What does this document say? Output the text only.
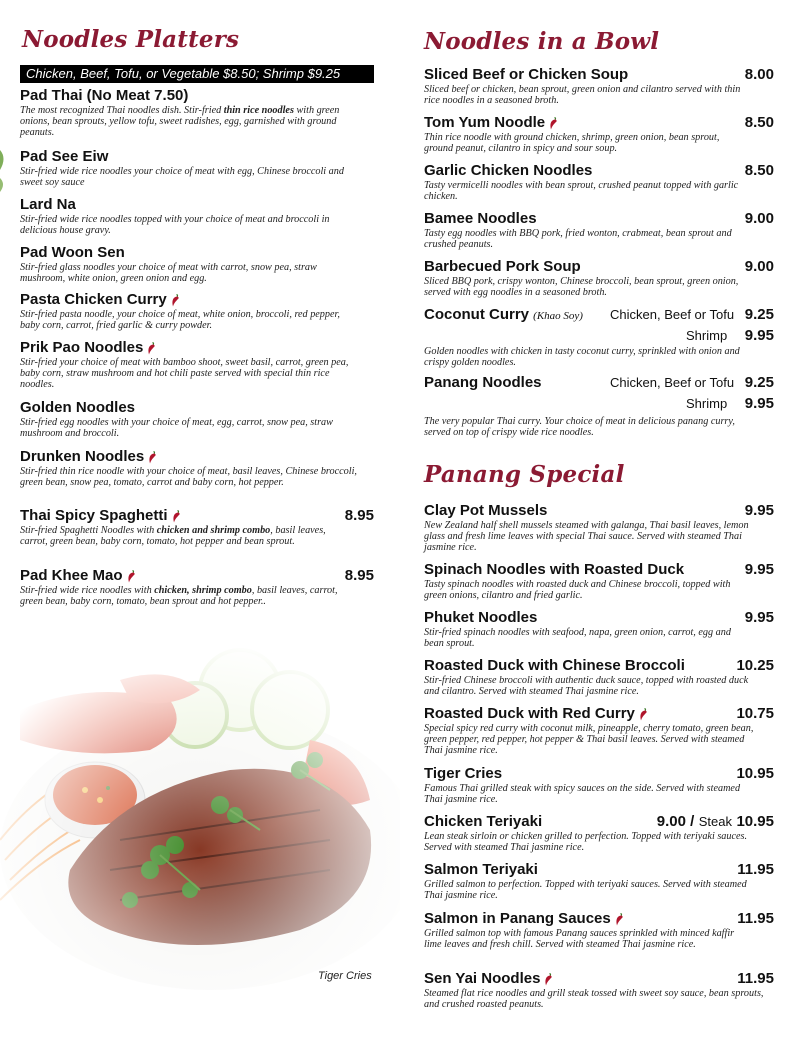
Noodles Platters
Chicken, Beef, Tofu, or Vegetable $8.50; Shrimp $9.25
Pad Thai (No Meat 7.50)
The most recognized Thai noodles dish. Stir-fried thin rice noodles with green onions, bean sprouts, yellow tofu, sweet radishes, egg, garnished with ground peanuts.
Pad See Eiw
Stir-fried wide rice noodles your choice of meat with egg, Chinese broccoli and sweet soy sauce
Lard Na
Stir-fried wide rice noodles topped with your choice of meat and broccoli in delicious house gravy.
Pad Woon Sen
Stir-fried glass noodles your choice of meat with carrot, snow pea, straw mushroom, white onion, green onion and egg.
Pasta Chicken Curry
Stir-fried pasta noodle, your choice of meat, white onion, broccoli, red pepper, baby corn, carrot, fried garlic & curry powder.
Prik Pao Noodles
Stir-fried your choice of meat with bamboo shoot, sweet basil, carrot, green pea, baby corn, straw mushroom and hot chili paste served with special thin rice noodles.
Golden Noodles
Stir-fried egg noodles with your choice of meat, egg, carrot, snow pea, straw mushroom and broccoli.
Drunken Noodles
Stir-fried thin rice noodle with your choice of meat, basil leaves, Chinese broccoli, green bean, snow pea, tomato, carrot and baby corn, hot pepper.
Thai Spicy Spaghetti	8.95
Stir-fried Spaghetti Noodles with chicken and shrimp combo, basil leaves, carrot, green bean, baby corn, tomato, hot pepper and bean sprout.
Pad Khee Mao	8.95
Stir-fried wide rice noodles with chicken, shrimp combo, basil leaves, carrot, green bean, baby corn, tomato, bean sprout and hot pepper..
Tiger Cries
Noodles in a Bowl
Sliced Beef or Chicken Soup	8.00
Sliced beef or chicken, bean sprout, green onion and cilantro served with thin rice noodles in a seasoned broth.
Tom Yum Noodle	8.50
Thin rice noodle with ground chicken, shrimp, green onion, bean sprout, ground peanut, cilantro in spicy and sour soup.
Garlic Chicken Noodles	8.50
Tasty vermicelli noodles with bean sprout, crushed peanut topped with garlic chicken.
Bamee Noodles	9.00
Tasty egg noodles with BBQ pork, fried wonton, crabmeat, bean sprout and crushed peanuts.
Barbecued Pork Soup	9.00
Sliced BBQ pork, crispy wonton, Chinese broccoli, bean sprout, green onion, served with egg noodles in a seasoned broth.
Coconut Curry (Khao Soy)	Chicken, Beef or Tofu 9.25
Shrimp 9.95
Golden noodles with chicken in tasty coconut curry, sprinkled with onion and crispy golden noodles.
Panang Noodles	Chicken, Beef or Tofu 9.25
Shrimp 9.95
The very popular Thai curry. Your choice of meat in delicious panang curry, served on top of crispy wide rice noodles.
Panang Special
Clay Pot Mussels	9.95
New Zealand half shell mussels steamed with galanga, Thai basil leaves, lemon glass and fresh lime leaves with special Thai sauce. Served with steamed Thai jasmine rice.
Spinach Noodles with Roasted Duck	9.95
Tasty spinach noodles with roasted duck and Chinese broccoli, topped with green onions, cilantro and fried garlic.
Phuket Noodles	9.95
Stir-fried spinach noodles with seafood, napa, green onion, carrot, egg and bean sprout.
Roasted Duck with Chinese Broccoli	10.25
Stir-fried Chinese broccoli with authentic duck sauce, topped with roasted duck and cilantro. Served with steamed Thai jasmine rice.
Roasted Duck with Red Curry	10.75
Special spicy red curry with coconut milk, pineapple, cherry tomato, green bean, green pepper, red pepper, hot pepper & Thai basil leaves. Served with steamed Thai jasmine rice.
Tiger Cries	10.95
Famous Thai grilled steak with spicy sauces on the side. Served with steamed Thai jasmine rice.
Chicken Teriyaki	9.00 / Steak 10.95
Lean steak sirloin or chicken grilled to perfection. Topped with teriyaki sauces. Served with steamed Thai jasmine rice.
Salmon Teriyaki	11.95
Grilled salmon to perfection. Topped with teriyaki sauces. Served with steamed Thai jasmine rice.
Salmon in Panang Sauces	11.95
Grilled salmon top with famous Panang sauces sprinkled with minced kaffir lime leaves and fresh chill. Served with steamed Thai jasmine rice.
Sen Yai Noodles	11.95
Steamed flat rice noodles and grill steak tossed with sweet soy sauce, bean sprouts, and crushed roasted peanuts.
